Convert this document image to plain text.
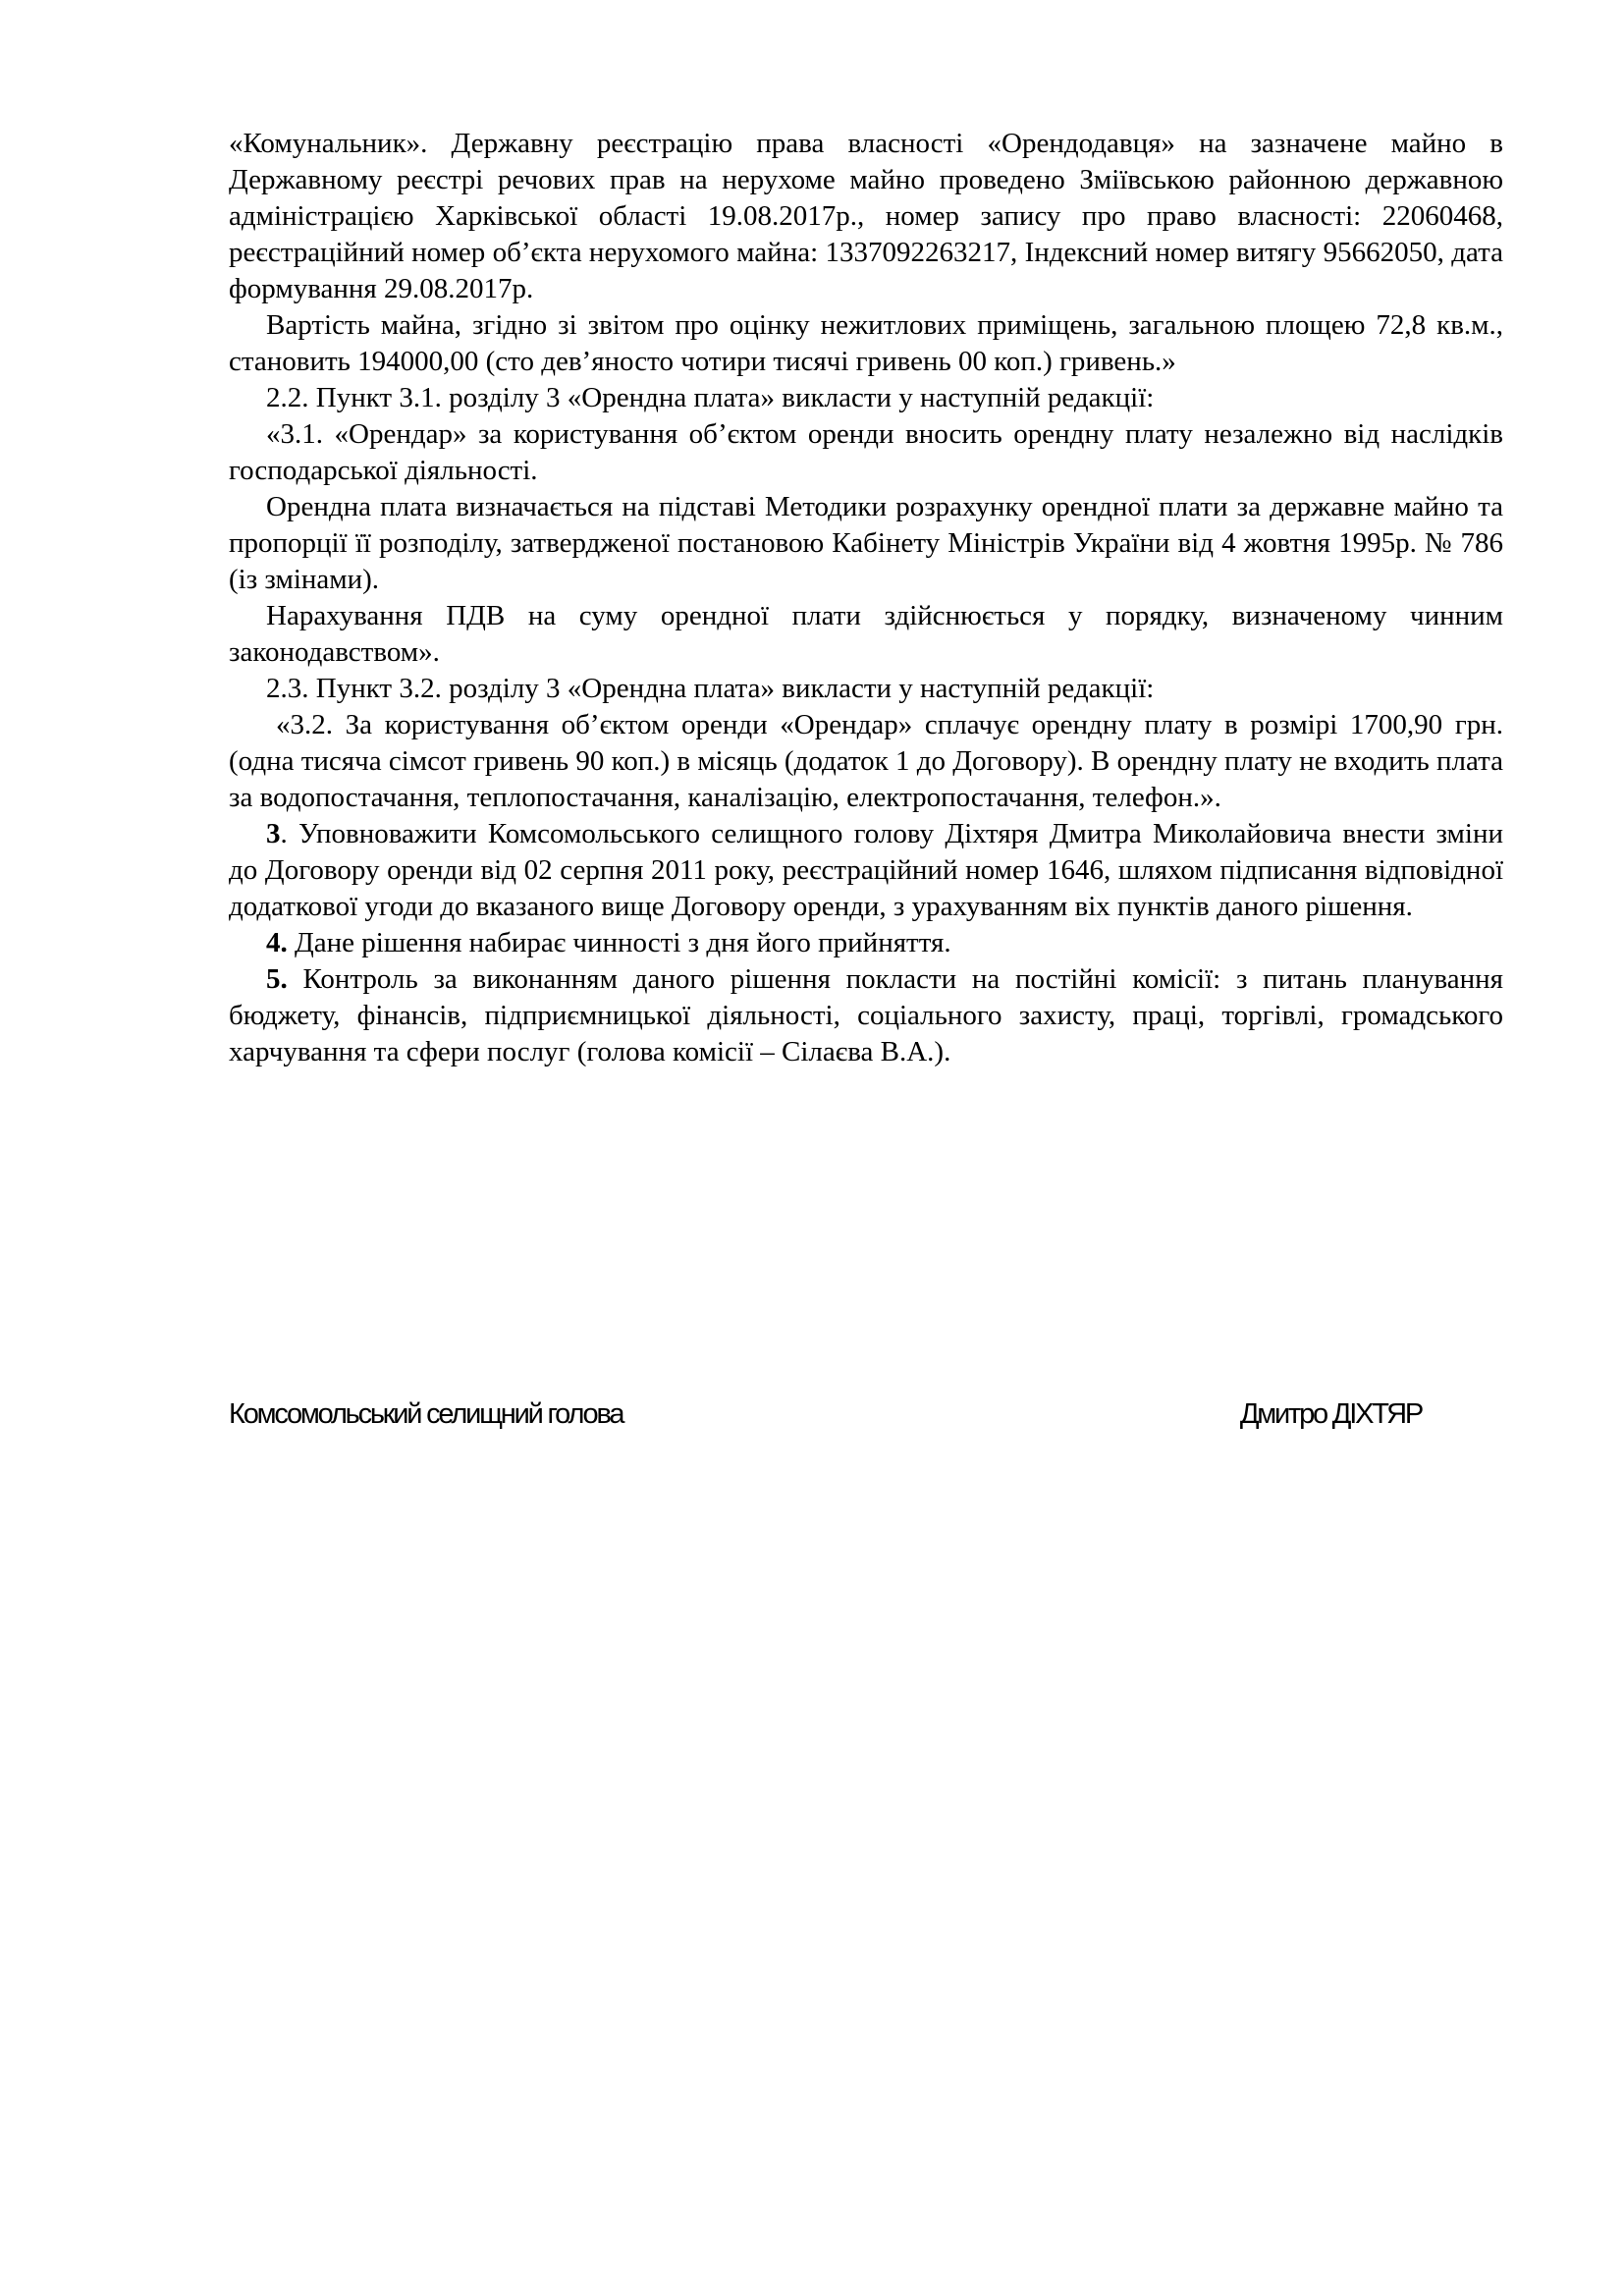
«Комунальник». Державну реєстрацію права власності «Орендодавця» на зазначене майно в Державному реєстрі речових прав на нерухоме майно проведено Зміївською районною державною адміністрацією Харківської області 19.08.2017р., номер запису про право власності: 22060468, реєстраційний номер об’єкта нерухомого майна: 1337092263217, Індексний номер витягу 95662050, дата формування 29.08.2017р.

Вартість майна, згідно зі звітом про оцінку нежитлових приміщень, загальною площею 72,8 кв.м., становить 194000,00 (сто дев’яносто чотири тисячі гривень 00 коп.) гривень.»

2.2. Пункт 3.1. розділу 3 «Орендна плата» викласти у наступній редакції:

«3.1. «Орендар» за користування об’єктом оренди вносить орендну плату незалежно від наслідків господарської діяльності.

Орендна плата визначається на підставі Методики розрахунку орендної плати за державне майно та пропорції її розподілу, затвердженої постановою Кабінету Міністрів України від 4 жовтня 1995р. № 786 (із змінами).

Нарахування ПДВ на суму орендної плати здійснюється у порядку, визначеному чинним законодавством».

2.3. Пункт 3.2. розділу 3 «Орендна плата» викласти у наступній редакції:

«3.2. За користування об’єктом оренди «Орендар» сплачує орендну плату в розмірі 1700,90 грн. (одна тисяча сімсот гривень 90 коп.) в місяць (додаток 1 до Договору). В орендну плату не входить плата за водопостачання, теплопостачання, каналізацію, електропостачання, телефон.».

3. Уповноважити Комсомольського селищного голову Діхтяря Дмитра Миколайовича внести зміни до Договору оренди від 02 серпня 2011 року, реєстраційний номер 1646, шляхом підписання відповідної додаткової угоди до вказаного вище Договору оренди, з урахуванням віх пунктів даного рішення.

4. Дане рішення набирає чинності з дня його прийняття.

5. Контроль за виконанням даного рішення покласти на постійні комісії: з питань планування бюджету, фінансів, підприємницької діяльності, соціального захисту, праці, торгівлі, громадського харчування та сфери послуг (голова комісії – Сілаєва В.А.).

Комсомольський селищний голова	Дмитро ДІХТЯР
